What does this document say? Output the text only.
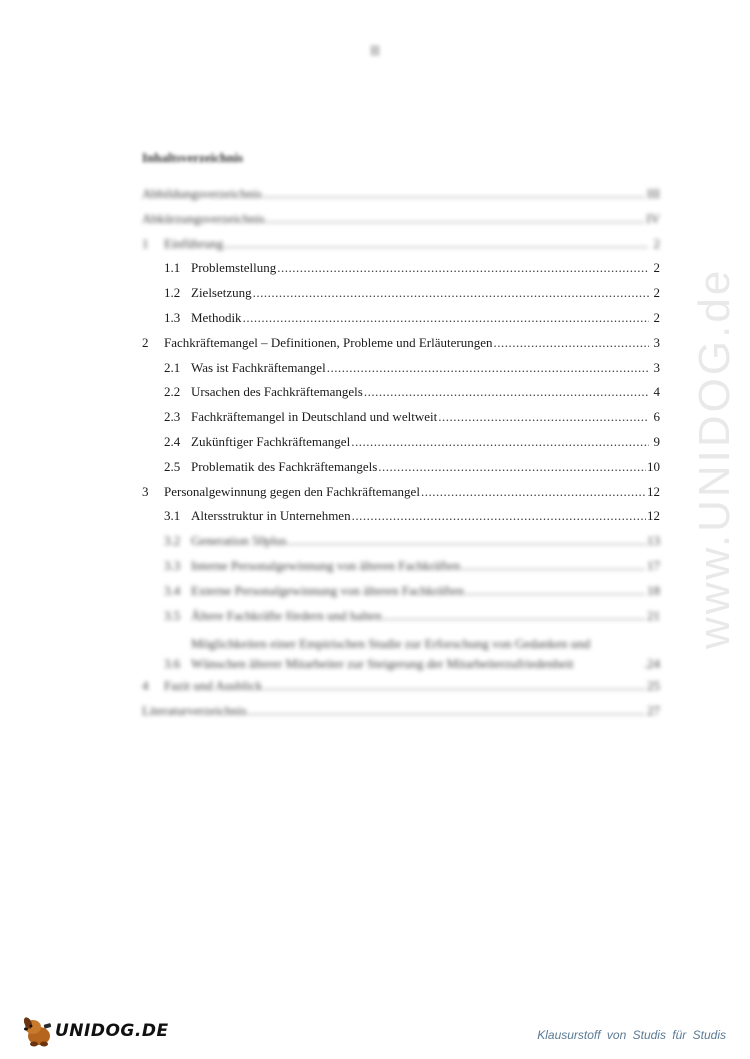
II
Inhaltsverzeichnis
Abbildungsverzeichnis .....	III
Abkürzungsverzeichnis .....	IV
1	Einführung .....	2
1.1 Problemstellung .....	2
1.2 Zielsetzung .....	2
1.3 Methodik .....	2
2	Fachkräftemangel – Definitionen, Probleme und Erläuterungen .....	3
2.1 Was ist Fachkräftemangel .....	3
2.2 Ursachen des Fachkräftemangels .....	4
2.3 Fachkräftemangel in Deutschland und weltweit .....	6
2.4 Zukünftiger Fachkräftemangel .....	9
2.5 Problematik des Fachkräftemangels .....	10
3	Personalgewinnung gegen den Fachkräftemangel .....	12
3.1 Altersstruktur in Unternehmen .....	12
3.2 Generation 50plus .....	13
3.3 Interne Personalgewinnung von älteren Fachkräften .....	17
3.4 Externe Personalgewinnung von älteren Fachkräften .....	18
3.5 Ältere Fachkräfte fördern und halten .....	21
3.6
Möglichkeiten einer Empirischen Studie zur Erforschung von Gedanken und Wünschen älterer Mitarbeiter zur Steigerung der Mitarbeiterzufriedenheit .....	24
4	Fazit und Ausblick .....	25
Literaturverzeichnis .....	27
www.UNIDOG.de
UNIDOG.DE	Klausurstoff von Studis für Studis
